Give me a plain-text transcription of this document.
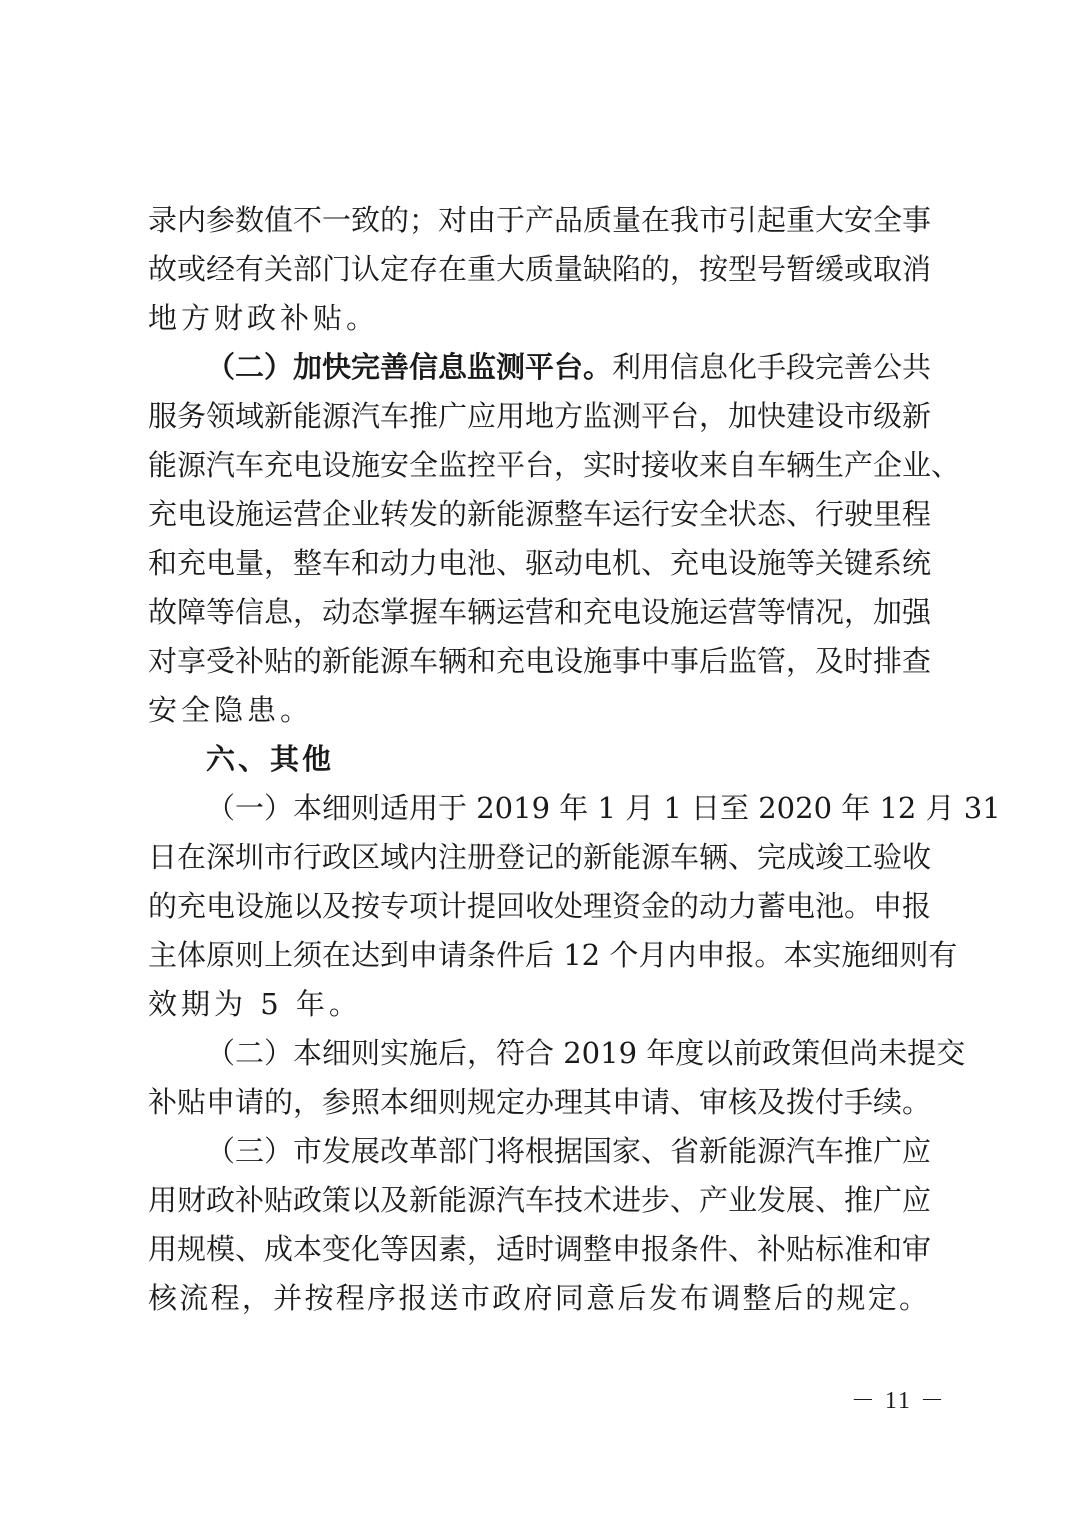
录内参数值不一致的；对由于产品质量在我市引起重大安全事
故或经有关部门认定存在重大质量缺陷的，按型号暂缓或取消
地方财政补贴。
（二）加快完善信息监测平台。利用信息化手段完善公共
服务领域新能源汽车推广应用地方监测平台，加快建设市级新
能源汽车充电设施安全监控平台，实时接收来自车辆生产企业、
充电设施运营企业转发的新能源整车运行安全状态、行驶里程
和充电量，整车和动力电池、驱动电机、充电设施等关键系统
故障等信息，动态掌握车辆运营和充电设施运营等情况，加强
对享受补贴的新能源车辆和充电设施事中事后监管，及时排查
安全隐患。
六、其他
（一）本细则适用于 2019 年 1 月 1 日至 2020 年 12 月 31
日在深圳市行政区域内注册登记的新能源车辆、完成竣工验收
的充电设施以及按专项计提回收处理资金的动力蓄电池。申报
主体原则上须在达到申请条件后 12 个月内申报。本实施细则有
效期为 5 年。
（二）本细则实施后，符合 2019 年度以前政策但尚未提交
补贴申请的，参照本细则规定办理其申请、审核及拨付手续。
（三）市发展改革部门将根据国家、省新能源汽车推广应
用财政补贴政策以及新能源汽车技术进步、产业发展、推广应
用规模、成本变化等因素，适时调整申报条件、补贴标准和审
核流程，并按程序报送市政府同意后发布调整后的规定。
－ 11 －
